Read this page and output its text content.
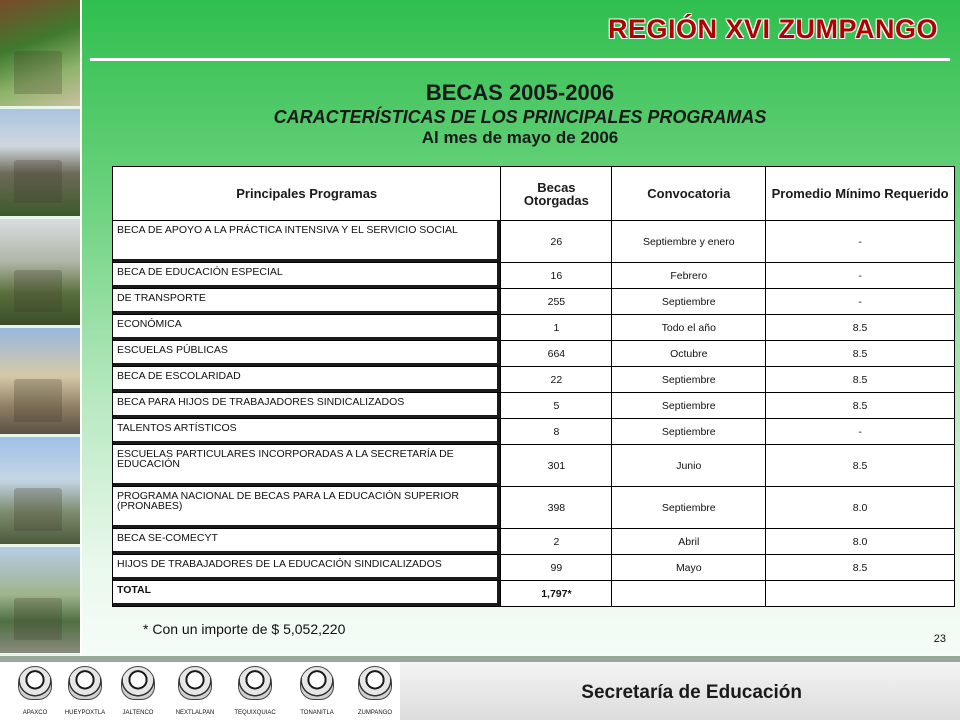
REGIÓN XVI ZUMPANGO
BECAS 2005-2006
CARACTERÍSTICAS DE LOS PRINCIPALES PROGRAMAS
Al mes de mayo de 2006
Principales Programas	Becas Otorgadas	Convocatoria	Promedio Mínimo Requerido
BECA DE APOYO A LA PRÁCTICA INTENSIVA Y EL SERVICIO SOCIAL	26	Septiembre y enero	-
BECA DE EDUCACIÓN ESPECIAL	16	Febrero	-
DE TRANSPORTE	255	Septiembre	-
ECONÓMICA	1	Todo el año	8.5
ESCUELAS PÚBLICAS	664	Octubre	8.5
BECA DE ESCOLARIDAD	22	Septiembre	8.5
BECA PARA HIJOS DE TRABAJADORES SINDICALIZADOS	5	Septiembre	8.5
TALENTOS ARTÍSTICOS	8	Septiembre	-
ESCUELAS PARTICULARES INCORPORADAS A LA SECRETARÍA DE EDUCACIÓN	301	Junio	8.5
PROGRAMA NACIONAL DE BECAS PARA LA EDUCACIÓN SUPERIOR (PRONABES)	398	Septiembre	8.0
BECA SE-COMECYT	2	Abril	8.0
HIJOS DE TRABAJADORES DE LA EDUCACIÓN SINDICALIZADOS	99	Mayo	8.5
TOTAL	1,797*		
* Con un importe de $ 5,052,220
23
APAXCO	HUEYPOXTLA	JALTENCO	NEXTLALPAN	TEQUIXQUIAC	TONANITLA	ZUMPANGO
Secretaría de Educación
